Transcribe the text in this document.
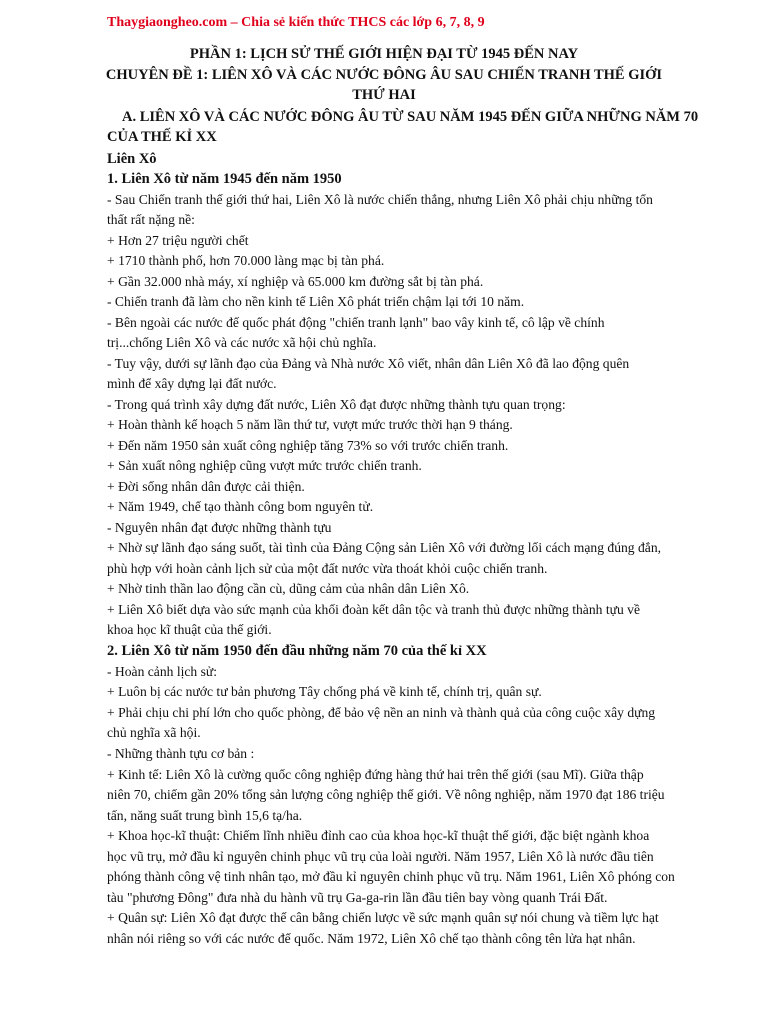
Thaygiaongheo.com – Chia sẻ kiến thức THCS các lớp 6, 7, 8, 9
PHẦN 1: LỊCH SỬ THẾ GIỚI HIỆN ĐẠI TỪ 1945 ĐẾN NAY
CHUYÊN ĐỀ 1: LIÊN XÔ VÀ CÁC NƯỚC ĐÔNG ÂU SAU CHIẾN TRANH THẾ GIỚI
THỨ HAI
A. LIÊN XÔ VÀ CÁC NƯỚC ĐÔNG ÂU TỪ SAU NĂM 1945 ĐẾN GIỮA NHỮNG NĂM 70
CỦA THẾ KỈ XX
Liên Xô
1. Liên Xô từ năm 1945 đến năm 1950
- Sau Chiến tranh thế giới thứ hai, Liên Xô là nước chiến thắng, nhưng Liên Xô phải chịu những tổn
thất rất nặng nề:
+ Hơn 27 triệu người chết
+ 1710 thành phố, hơn 70.000 làng mạc bị tàn phá.
+ Gần 32.000 nhà máy, xí nghiệp và 65.000 km đường sắt bị tàn phá.
- Chiến tranh đã làm cho nền kinh tế Liên Xô phát triển chậm lại tới 10 năm.
- Bên ngoài các nước đế quốc phát động "chiến tranh lạnh" bao vây kinh tế, cô lập về chính
trị...chống Liên Xô và các nước xã hội chủ nghĩa.
- Tuy vậy, dưới sự lãnh đạo của Đảng và Nhà nước Xô viết, nhân dân Liên Xô đã lao động quên
mình để xây dựng lại đất nước.
- Trong quá trình xây dựng đất nước, Liên Xô đạt được những thành tựu quan trọng:
+ Hoàn thành kế hoạch 5 năm lần thứ tư, vượt mức trước thời hạn 9 tháng.
+ Đến năm 1950 sản xuất công nghiệp tăng 73% so với trước chiến tranh.
+ Sản xuất nông nghiệp cũng vượt mức trước chiến tranh.
+ Đời sống nhân dân được cải thiện.
+ Năm 1949, chế tạo thành công bom nguyên tử.
- Nguyên nhân đạt được những thành tựu
+ Nhờ sự lãnh đạo sáng suốt, tài tình của Đảng Cộng sản Liên Xô với đường lối cách mạng đúng đắn,
phù hợp với hoàn cảnh lịch sử của một đất nước vừa thoát khỏi cuộc chiến tranh.
+ Nhờ tinh thần lao động cần cù, dũng cảm của nhân dân Liên Xô.
+ Liên Xô biết dựa vào sức mạnh của khối đoàn kết dân tộc và tranh thủ được những thành tựu về
khoa học kĩ thuật của thế giới.
2. Liên Xô từ năm 1950 đến đầu những năm 70 của thế kỉ XX
- Hoàn cảnh lịch sử:
+ Luôn bị các nước tư bản phương Tây chống phá về kinh tế, chính trị, quân sự.
+ Phải chịu chi phí lớn cho quốc phòng, để bảo vệ nền an ninh và thành quả của công cuộc xây dựng
chủ nghĩa xã hội.
- Những thành tựu cơ bản :
+ Kinh tế: Liên Xô là cường quốc công nghiệp đứng hàng thứ hai trên thế giới (sau Mĩ). Giữa thập
niên 70, chiếm gần 20% tổng sản lượng công nghiệp thế giới. Về nông nghiệp, năm 1970 đạt 186 triệu
tấn, năng suất trung bình 15,6 tạ/ha.
+ Khoa học-kĩ thuật: Chiếm lĩnh nhiều đỉnh cao của khoa học-kĩ thuật thế giới, đặc biệt ngành khoa
học vũ trụ, mở đầu kỉ nguyên chinh phục vũ trụ của loài người. Năm 1957, Liên Xô là nước đầu tiên
phóng thành công vệ tinh nhân tạo, mở đầu kỉ nguyên chinh phục vũ trụ. Năm 1961, Liên Xô phóng con
tàu "phương Đông" đưa nhà du hành vũ trụ Ga-ga-rin lần đầu tiên bay vòng quanh Trái Đất.
+ Quân sự: Liên Xô đạt được thế cân bằng chiến lược về sức mạnh quân sự nói chung và tiềm lực hạt
nhân nói riêng so với các nước đế quốc. Năm 1972, Liên Xô chế tạo thành công tên lửa hạt nhân.
